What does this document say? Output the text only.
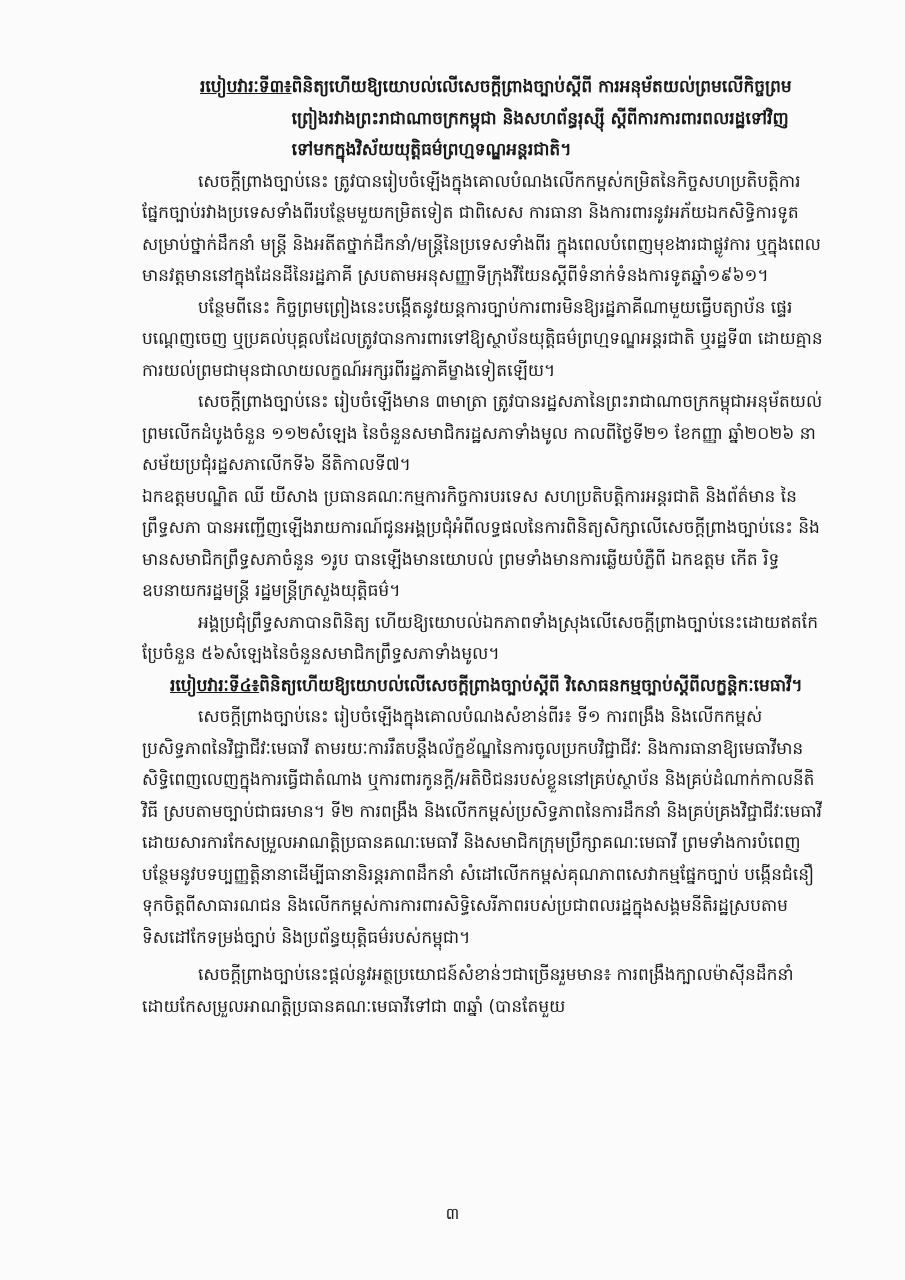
របៀបវារៈទី៣៖ ពិនិត្យហើយឱ្យយោបល់លើសេចក្តីព្រាងច្បាប់ស្តីពី ការអនុម័តយល់ព្រមលើកិច្ចព្រមព្រៀងរវាងព្រះរាជាណាចក្រកម្ពុជា និងសហព័ន្ធរុស្ស៊ី ស្តីពីការការពារពលរដ្ឋទៅវិញទៅមកក្នុងវិស័យយុត្តិធម៌ព្រហ្មទណ្ឌអន្តរជាតិ។

សេចក្តីព្រាងច្បាប់នេះ ត្រូវបានរៀបចំឡើងក្នុងគោលបំណងលើកកម្ពស់កម្រិតនៃកិច្ចសហប្រតិបត្តិការផ្នែកច្បាប់រវាងប្រទេសទាំងពីរបន្ថែមមួយកម្រិតទៀត ជាពិសេស ការធានា និងការពារនូវអភ័យឯកសិទ្ធិការទូតសម្រាប់ថ្នាក់ដឹកនាំ មន្ត្រី និងអតីតថ្នាក់ដឹកនាំ/មន្ត្រីនៃប្រទេសទាំងពីរ ក្នុងពេលបំពេញមុខងារជាផ្លូវការ ឬក្នុងពេលមានវត្តមាននៅក្នុងដែនដីនៃរដ្ឋភាគី ស្របតាមអនុសញ្ញាទីក្រុងវីយែនស្តីពីទំនាក់ទំនងការទូតឆ្នាំ១៩៦១។

បន្ថែមពីនេះ កិច្ចព្រមព្រៀងនេះបង្កើតនូវយន្តការច្បាប់ការពារមិនឱ្យរដ្ឋភាគីណាមួយធ្វើបត្យាប័ន ផ្ទេរ បណ្តេញចេញ ឬប្រគល់បុគ្គលដែលត្រូវបានការពារទៅឱ្យស្ថាប័នយុត្តិធម៌ព្រហ្មទណ្ឌអន្តរជាតិ ឬរដ្ឋទី៣ ដោយគ្មានការយល់ព្រមជាមុនជាលាយលក្ខណ៍អក្សរពីរដ្ឋភាគីម្ខាងទៀតឡើយ។

សេចក្តីព្រាងច្បាប់នេះ រៀបចំឡើងមាន ៣មាត្រា ត្រូវបានរដ្ឋសភានៃព្រះរាជាណាចក្រកម្ពុជាអនុម័តយល់ព្រមលើកដំបូងចំនួន ១១២សំឡេង នៃចំនួនសមាជិករដ្ឋសភាទាំងមូល កាលពីថ្ងៃទី២១ ខែកញ្ញា ឆ្នាំ២០២៦ នាសម័យប្រជុំរដ្ឋសភាលើកទី៦ នីតិកាលទី៧។

ឯកឧត្តមបណ្ឌិត ឈី យីសាង ប្រធានគណៈកម្មការកិច្ចការបរទេស សហប្រតិបត្តិការអន្តរជាតិ និងព័ត៌មាន នៃព្រឹទ្ធសភា បានអញ្ជើញឡើងរាយការណ៍ជូនអង្គប្រជុំអំពីលទ្ធផលនៃការពិនិត្យសិក្សាលើសេចក្តីព្រាងច្បាប់នេះ និងមានសមាជិកព្រឹទ្ធសភាចំនួន ១រូប បានឡើងមានយោបល់ ព្រមទាំងមានការឆ្លើយបំភ្លឺពី ឯកឧត្តម កើត រិទ្ធ ឧបនាយករដ្ឋមន្ត្រី រដ្ឋមន្ត្រីក្រសួងយុត្តិធម៌។

អង្គប្រជុំព្រឹទ្ធសភាបានពិនិត្យ ហើយឱ្យយោបល់ឯកភាពទាំងស្រុងលើសេចក្តីព្រាងច្បាប់នេះដោយឥតកែប្រែចំនួន ៥៦សំឡេងនៃចំនួនសមាជិកព្រឹទ្ធសភាទាំងមូល។

របៀបវារៈទី៤៖ ពិនិត្យហើយឱ្យយោបល់លើសេចក្តីព្រាងច្បាប់ស្តីពី វិសោធនកម្មច្បាប់ស្តីពីលក្ខន្តិកៈមេធាវី។

សេចក្តីព្រាងច្បាប់នេះ រៀបចំឡើងក្នុងគោលបំណងសំខាន់ពីរ៖ ទី១ ការពង្រឹង និងលើកកម្ពស់ប្រសិទ្ធភាពនៃវិជ្ជាជីវៈមេធាវី តាមរយៈការរឹតបន្តឹងល័ក្ខខ័ណ្ឌនៃការចូលប្រកបវិជ្ជាជីវៈ និងការធានាឱ្យមេធាវីមានសិទ្ធិពេញលេញក្នុងការធ្វើជាតំណាង ឬការពារកូនក្តី/អតិថិជនរបស់ខ្លួននៅគ្រប់ស្ថាប័ន និងគ្រប់ដំណាក់កាលនីតិវិធី ស្របតាមច្បាប់ជាធរមាន។ ទី២ ការពង្រឹង និងលើកកម្ពស់ប្រសិទ្ធភាពនៃការដឹកនាំ និងគ្រប់គ្រងវិជ្ជាជីវៈមេធាវី ដោយសារការកែសម្រួលអាណត្តិប្រធានគណៈមេធាវី និងសមាជិកក្រុមប្រឹក្សាគណៈមេធាវី ព្រមទាំងការបំពេញបន្ថែមនូវបទប្បញ្ញត្តិនានាដើម្បីធានានិរន្តរភាពដឹកនាំ សំដៅលើកកម្ពស់គុណភាពសេវាកម្មផ្នែកច្បាប់ បង្កើនជំនឿទុកចិត្តពីសាធារណជន និងលើកកម្ពស់ការការពារសិទ្ធិសេរីភាពរបស់ប្រជាពលរដ្ឋក្នុងសង្គមនីតិរដ្ឋស្របតាមទិសដៅកែទម្រង់ច្បាប់ និងប្រព័ន្ធយុត្តិធម៌របស់កម្ពុជា។

សេចក្តីព្រាងច្បាប់នេះផ្តល់នូវអត្ថប្រយោជន៍សំខាន់ៗជាច្រើនរួមមាន៖ ការពង្រឹងក្បាលម៉ាស៊ីនដឹកនាំ ដោយកែសម្រួលអាណត្តិប្រធានគណៈមេធាវីទៅជា ៣ឆ្នាំ (បានតែមួយ

៣
